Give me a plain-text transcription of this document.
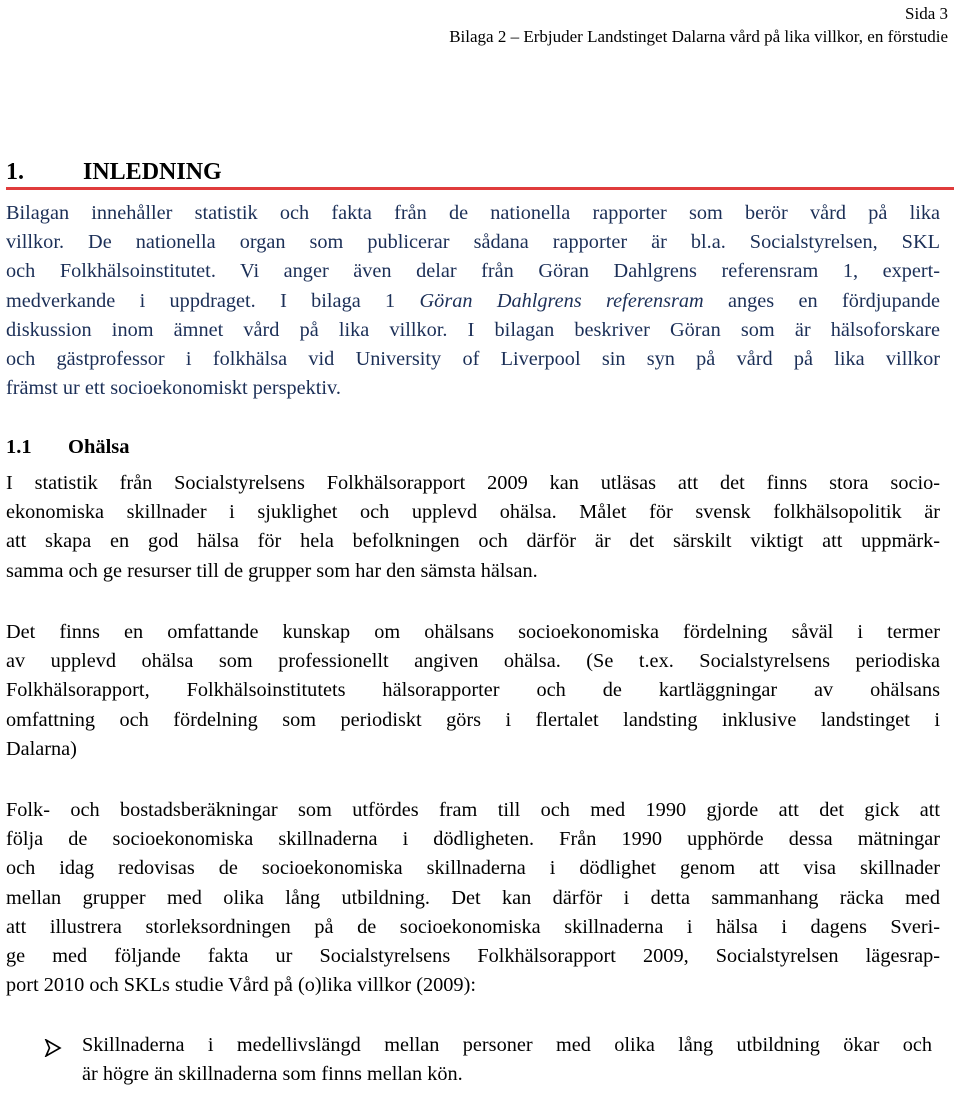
Sida 3
Bilaga 2 – Erbjuder Landstinget Dalarna vård på lika villkor, en förstudie
1. INLEDNING
Bilagan innehåller statistik och fakta från de nationella rapporter som berör vård på lika
villkor. De nationella organ som publicerar sådana rapporter är bl.a. Socialstyrelsen, SKL
och Folkhälsoinstitutet. Vi anger även delar från Göran Dahlgrens referensram 1, expert-
medverkande i uppdraget. I bilaga 1 Göran Dahlgrens referensram anges en fördjupande
diskussion inom ämnet vård på lika villkor. I bilagan beskriver Göran som är hälsoforskare
och gästprofessor i folkhälsa vid University of Liverpool sin syn på vård på lika villkor
främst ur ett socioekonomiskt perspektiv.
1.1 Ohälsa
I statistik från Socialstyrelsens Folkhälsorapport 2009 kan utläsas att det finns stora socio-
ekonomiska skillnader i sjuklighet och upplevd ohälsa. Målet för svensk folkhälsopolitik är
att skapa en god hälsa för hela befolkningen och därför är det särskilt viktigt att uppmärk-
samma och ge resurser till de grupper som har den sämsta hälsan.
Det finns en omfattande kunskap om ohälsans socioekonomiska fördelning såväl i termer
av upplevd ohälsa som professionellt angiven ohälsa. (Se t.ex. Socialstyrelsens periodiska
Folkhälsorapport, Folkhälsoinstitutets hälsorapporter och de kartläggningar av ohälsans
omfattning och fördelning som periodiskt görs i flertalet landsting inklusive landstinget i
Dalarna)
Folk- och bostadsberäkningar som utfördes fram till och med 1990 gjorde att det gick att
följa de socioekonomiska skillnaderna i dödligheten. Från 1990 upphörde dessa mätningar
och idag redovisas de socioekonomiska skillnaderna i dödlighet genom att visa skillnader
mellan grupper med olika lång utbildning. Det kan därför i detta sammanhang räcka med
att illustrera storleksordningen på de socioekonomiska skillnaderna i hälsa i dagens Sveri-
ge med följande fakta ur Socialstyrelsens Folkhälsorapport 2009, Socialstyrelsen lägesrap-
port 2010 och SKLs studie Vård på (o)lika villkor (2009):
Skillnaderna i medellivslängd mellan personer med olika lång utbildning ökar och
är högre än skillnaderna som finns mellan kön.
